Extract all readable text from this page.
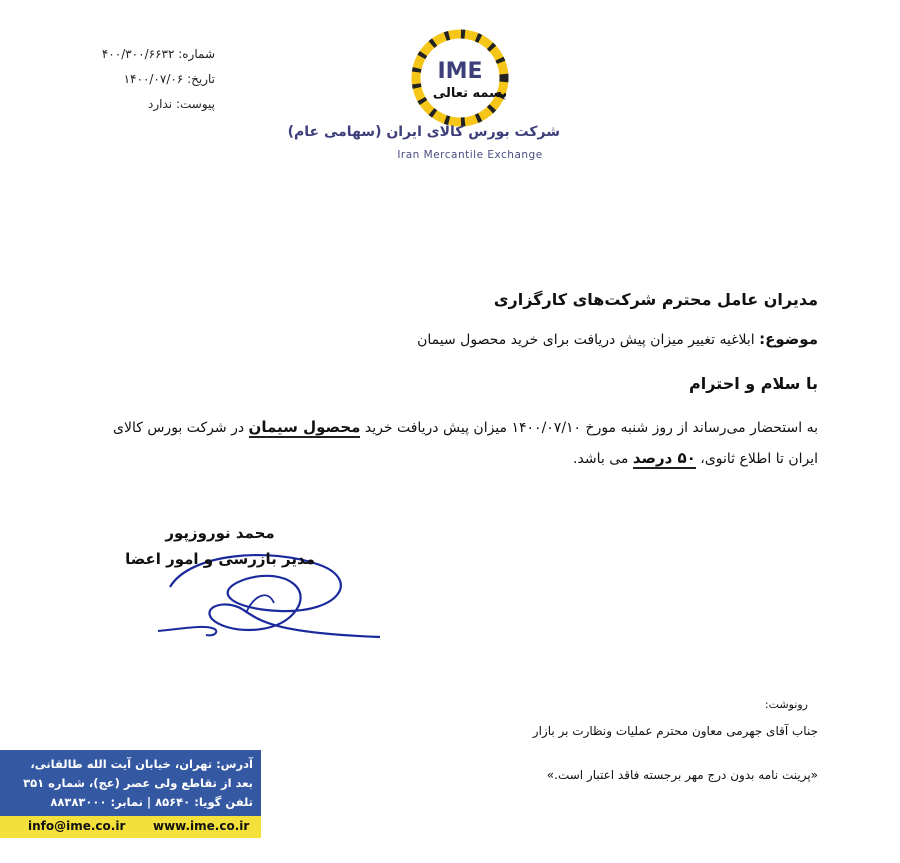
شماره: ۴۰۰/۳۰۰/۶۶۳۲
تاریخ: ۱۴۰۰/۰۷/۰۶
پیوست: ندارد
IME
بسمه تعالی
شرکت بورس کالای ایران (سهامی عام)
Iran Mercantile Exchange
مدیران عامل محترم شرکت‌های کارگزاری
موضوع: ابلاغیه تغییر میزان پیش دریافت برای خرید محصول سیمان
با سلام و احترام
به استحضار می‌رساند از روز شنبه مورخ ۱۴۰۰/۰۷/۱۰ میزان پیش دریافت خرید محصول سیمان در شرکت بورس کالای ایران تا اطلاع ثانوی، ۵۰ درصد می باشد.
محمد نوروزپور
مدیر بازرسی و امور اعضا
رونوشت:
جناب آقای جهرمی معاون محترم عملیات ونظارت بر بازار
«پرینت نامه بدون درج مهر برجسته فاقد اعتبار است.»
آدرس: تهران، خیابان آیت الله طالقانی،
بعد از تقاطع ولی عصر (عج)، شماره ۳۵۱
تلفن گویا: ۸۵۶۴۰ | نمابر: ۸۸۳۸۳۰۰۰
info@ime.co.ir www.ime.co.ir
